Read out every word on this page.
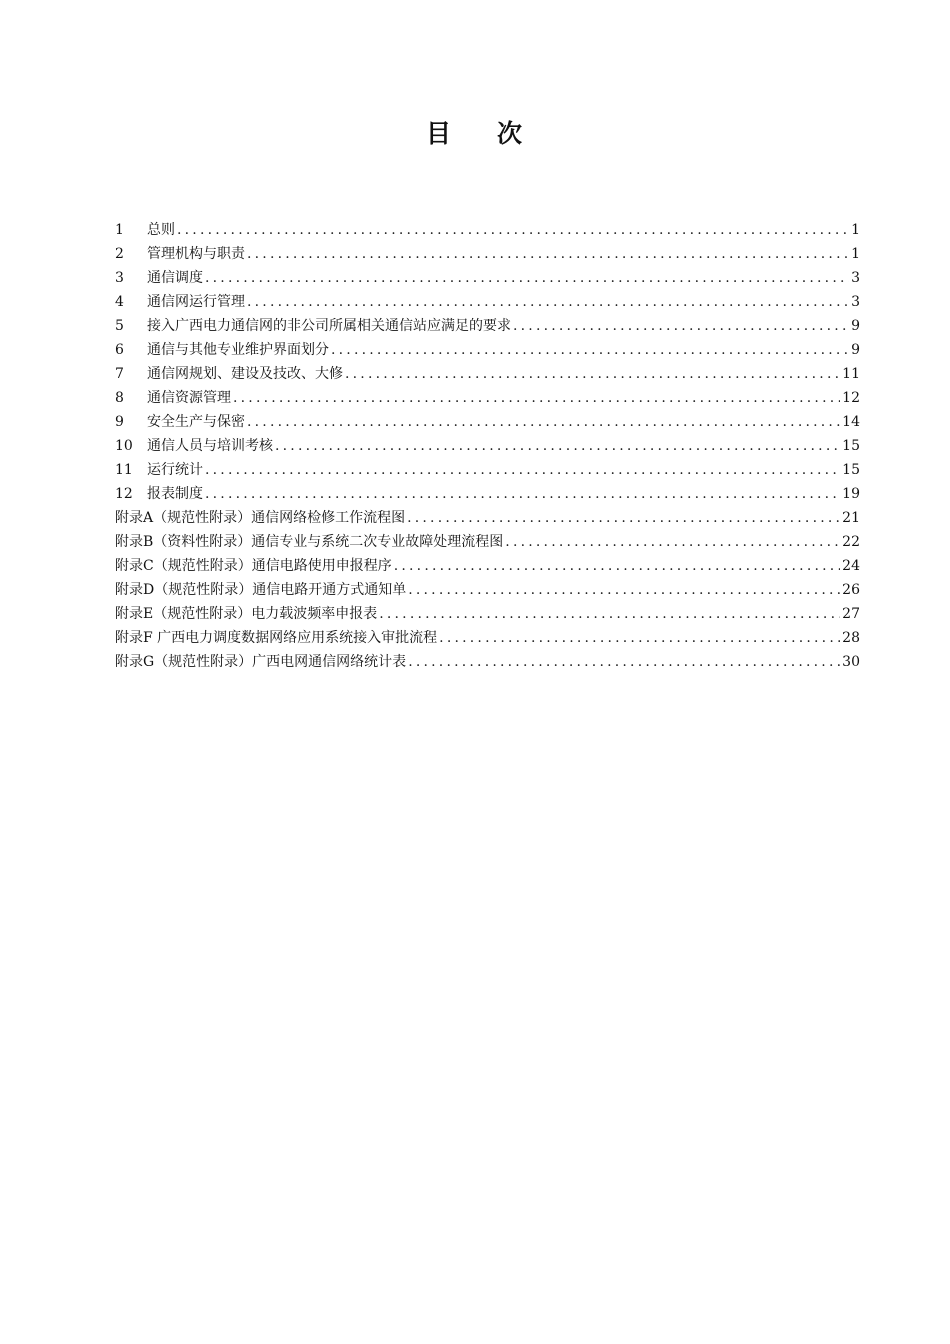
目 次
1	总则 .....	1
2	管理机构与职责 .....	1
3	通信调度 .....	3
4	通信网运行管理 .....	3
5	接入广西电力通信网的非公司所属相关通信站应满足的要求 .....	9
6	通信与其他专业维护界面划分 .....	9
7	通信网规划、建设及技改、大修 .....	11
8	通信资源管理 .....	12
9	安全生产与保密 .....	14
10	通信人员与培训考核 .....	15
11	运行统计 .....	15
12	报表制度 .....	19
附录A（规范性附录）通信网络检修工作流程图 .....	21
附录B（资料性附录）通信专业与系统二次专业故障处理流程图 .....	22
附录C（规范性附录）通信电路使用申报程序 .....	24
附录D（规范性附录）通信电路开通方式通知单 .....	26
附录E（规范性附录）电力载波频率申报表 .....	27
附录F 广西电力调度数据网络应用系统接入审批流程 .....	28
附录G（规范性附录）广西电网通信网络统计表 .....	30
